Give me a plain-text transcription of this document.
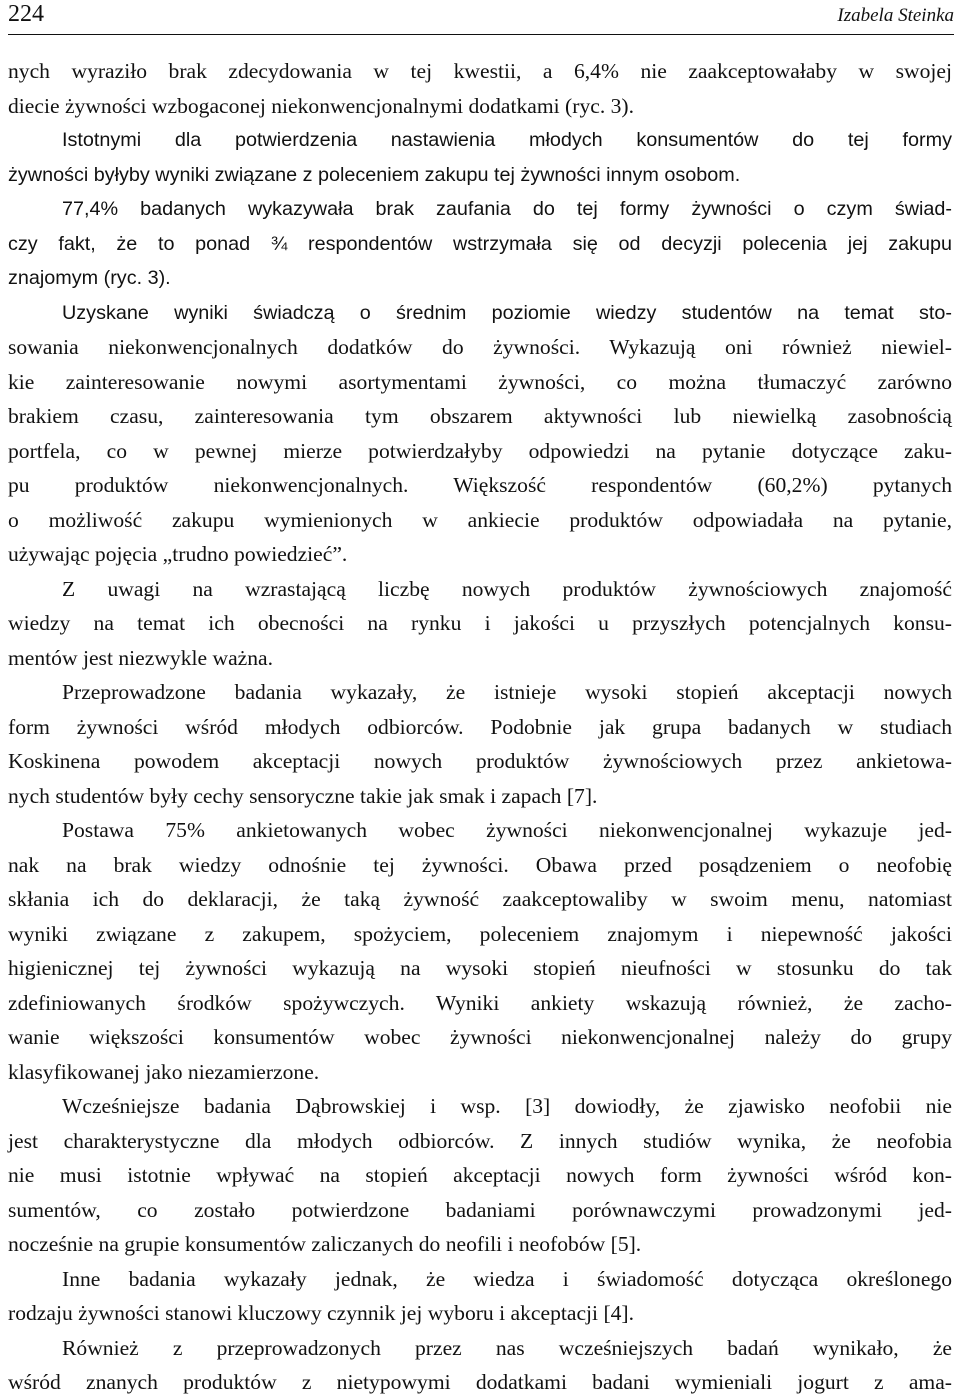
224	Izabela Steinka
nych wyraziło brak zdecydowania w tej kwestii, a 6,4% nie zaakceptowałaby w swojej
diecie żywności wzbogaconej niekonwencjonalnymi dodatkami (ryc. 3).
Istotnymi dla potwierdzenia nastawienia młodych konsumentów do tej formy
żywności byłyby wyniki związane z poleceniem zakupu tej żywności innym osobom.
77,4% badanych wykazywała brak zaufania do tej formy żywności o czym świad-
czy fakt, że to ponad ¾ respondentów wstrzymała się od decyzji polecenia jej zakupu
znajomym (ryc. 3).
Uzyskane wyniki świadczą o średnim poziomie wiedzy studentów na temat sto-
sowania niekonwencjonalnych dodatków do żywności. Wykazują oni również niewiel-
kie zainteresowanie nowymi asortymentami żywności, co można tłumaczyć zarówno
brakiem czasu, zainteresowania tym obszarem aktywności lub niewielką zasobnością
portfela, co w pewnej mierze potwierdzałyby odpowiedzi na pytanie dotyczące zaku-
pu produktów niekonwencjonalnych. Większość respondentów (60,2%) pytanych
o możliwość zakupu wymienionych w ankiecie produktów odpowiadała na pytanie,
używając pojęcia „trudno powiedzieć”.
Z uwagi na wzrastającą liczbę nowych produktów żywnościowych znajomość
wiedzy na temat ich obecności na rynku i jakości u przyszłych potencjalnych konsu-
mentów jest niezwykle ważna.
Przeprowadzone badania wykazały, że istnieje wysoki stopień akceptacji nowych
form żywności wśród młodych odbiorców. Podobnie jak grupa badanych w studiach
Koskinena powodem akceptacji nowych produktów żywnościowych przez ankietowa-
nych studentów były cechy sensoryczne takie jak smak i zapach [7].
Postawa 75% ankietowanych wobec żywności niekonwencjonalnej wykazuje jed-
nak na brak wiedzy odnośnie tej żywności. Obawa przed posądzeniem o neofobię
skłania ich do deklaracji, że taką żywność zaakceptowaliby w swoim menu, natomiast
wyniki związane z zakupem, spożyciem, poleceniem znajomym i niepewność jakości
higienicznej tej żywności wykazują na wysoki stopień nieufności w stosunku do tak
zdefiniowanych środków spożywczych. Wyniki ankiety wskazują również, że zacho-
wanie większości konsumentów wobec żywności niekonwencjonalnej należy do grupy
klasyfikowanej jako niezamierzone.
Wcześniejsze badania Dąbrowskiej i wsp. [3] dowiodły, że zjawisko neofobii nie
jest charakterystyczne dla młodych odbiorców. Z innych studiów wynika, że neofobia
nie musi istotnie wpływać na stopień akceptacji nowych form żywności wśród kon-
sumentów, co zostało potwierdzone badaniami porównawczymi prowadzonymi jed-
nocześnie na grupie konsumentów zaliczanych do neofili i neofobów [5].
Inne badania wykazały jednak, że wiedza i świadomość dotycząca określonego
rodzaju żywności stanowi kluczowy czynnik jej wyboru i akceptacji [4].
Również z przeprowadzonych przez nas wcześniejszych badań wynikało, że
wśród znanych produktów z nietypowymi dodatkami badani wymieniali jogurt z ama-
